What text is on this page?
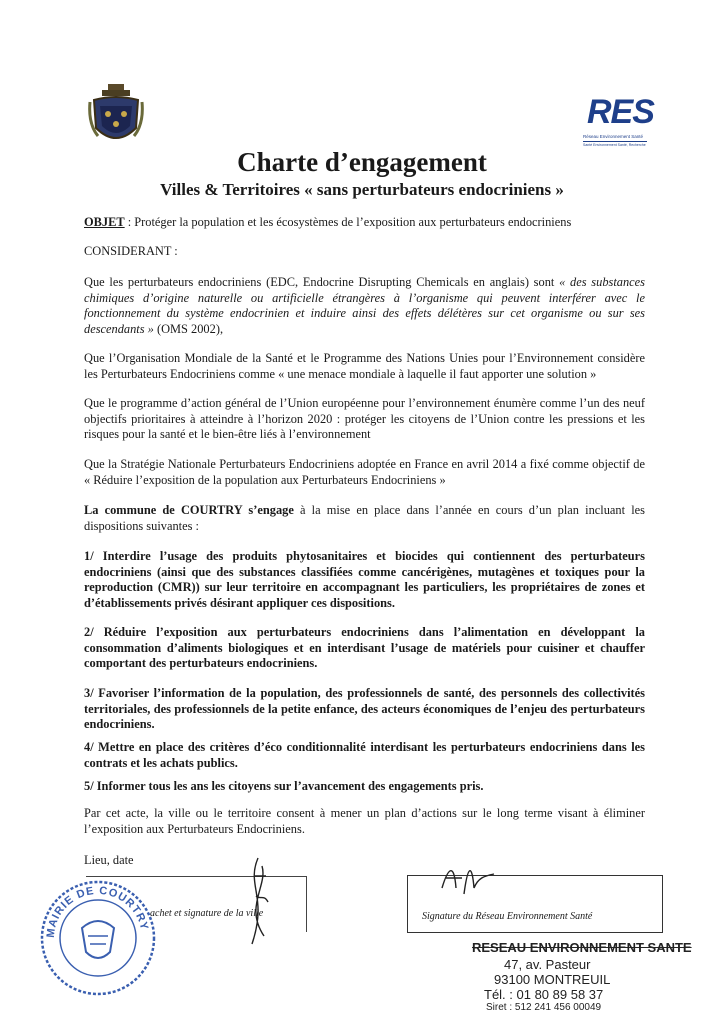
RES
Réseau Environnement Santé
Santé Environnement Santé, Recherche
Charte d’engagement
Villes & Territoires « sans perturbateurs endocriniens »
OBJET : Protéger la population et les écosystèmes de l’exposition aux perturbateurs endocriniens
CONSIDERANT :
Que les perturbateurs endocriniens (EDC, Endocrine Disrupting Chemicals en anglais) sont « des substances chimiques d’origine naturelle ou artificielle étrangères à l’organisme qui peuvent interférer avec le fonctionnement du système endocrinien et induire ainsi des effets délétères sur cet organisme ou sur ses descendants » (OMS 2002),
Que l’Organisation Mondiale de la Santé et le Programme des Nations Unies pour l’Environnement considère les Perturbateurs Endocriniens comme « une menace mondiale à laquelle il faut apporter une solution »
Que le programme d’action général de l’Union européenne pour l’environnement énumère comme l’un des neuf objectifs prioritaires à atteindre à l’horizon 2020 : protéger les citoyens de l’Union contre les pressions et les risques pour la santé et le bien-être liés à l’environnement
Que la Stratégie Nationale Perturbateurs Endocriniens adoptée en France en avril 2014 a fixé comme objectif de « Réduire l’exposition de la population aux Perturbateurs Endocriniens »
La commune de COURTRY s’engage à la mise en place dans l’année en cours d’un plan incluant les dispositions suivantes :
1/ Interdire l’usage des produits phytosanitaires et biocides qui contiennent des perturbateurs endocriniens (ainsi que des substances classifiées comme cancérigènes, mutagènes et toxiques pour la reproduction (CMR)) sur leur territoire en accompagnant les particuliers, les propriétaires de zones et d’établissements privés désirant appliquer ces dispositions.
2/ Réduire l’exposition aux perturbateurs endocriniens dans l’alimentation en développant la consommation d’aliments biologiques et en interdisant l’usage de matériels pour cuisiner et chauffer comportant des perturbateurs endocriniens.
3/ Favoriser l’information de la population, des professionnels de santé, des personnels des collectivités territoriales, des professionnels de la petite enfance, des acteurs économiques de l’enjeu des perturbateurs endocriniens.
4/ Mettre en place des critères d’éco conditionnalité interdisant les perturbateurs endocriniens dans les contrats et les achats publics.
5/ Informer tous les ans les citoyens sur l’avancement des engagements pris.
Par cet acte, la ville ou le territoire consent à mener un plan d’actions sur le long terme visant à éliminer l’exposition aux Perturbateurs Endocriniens.
Lieu, date
achet et signature de la ville
MAIRIE DE COURTRY
Signature du Réseau Environnement Santé
RESEAU ENVIRONNEMENT SANTE
47, av. Pasteur
93100 MONTREUIL
Tél. : 01 80 89 58 37
Siret : 512 241 456 00049
